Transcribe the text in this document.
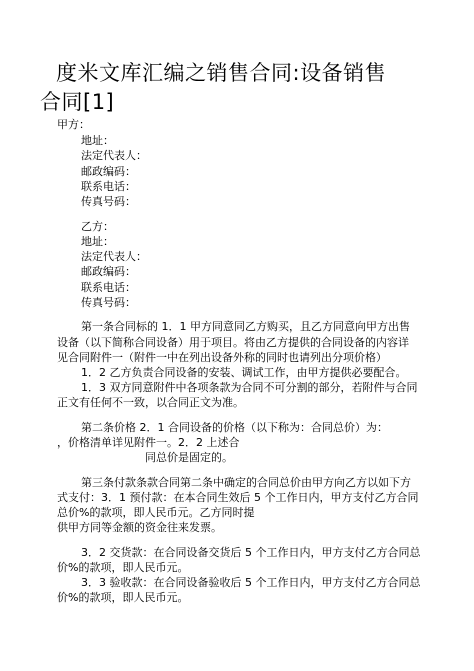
度米文库汇编之销售合同:设备销售
合同[1]
甲方：
地址：
法定代表人：
邮政编码：
联系电话：
传真号码：
乙方：
地址：
法定代表人：
邮政编码：
联系电话：
传真号码：
第一条合同标的 1．1 甲方同意同乙方购买，且乙方同意向甲方出售
设备（以下简称合同设备）用于项目。将由乙方提供的合同设备的内容详
见合同附件一（附件一中在列出设备外称的同时也请列出分项价格）
1．2 乙方负责合同设备的安装、调试工作，由甲方提供必要配合。
1．3 双方同意附件中各项条款为合同不可分割的部分，若附件与合同
正文有任何不一致，以合同正文为准。
第二条价格 2．1 合同设备的价格（以下称为：合同总价）为：
，价格清单详见附件一。2．2 上述合
同总价是固定的。
第三条付款条款合同第二条中确定的合同总价由甲方向乙方以如下方
式支付：3．1 预付款：在本合同生效后 5 个工作日内，甲方支付乙方合同
总价%的款项，即人民币元。乙方同时提
供甲方同等金额的资金往来发票。
3．2 交货款：在合同设备交货后 5 个工作日内，甲方支付乙方合同总
价%的款项，即人民币元。
3．3 验收款：在合同设备验收后 5 个工作日内，甲方支付乙方合同总
价%的款项，即人民币元。
